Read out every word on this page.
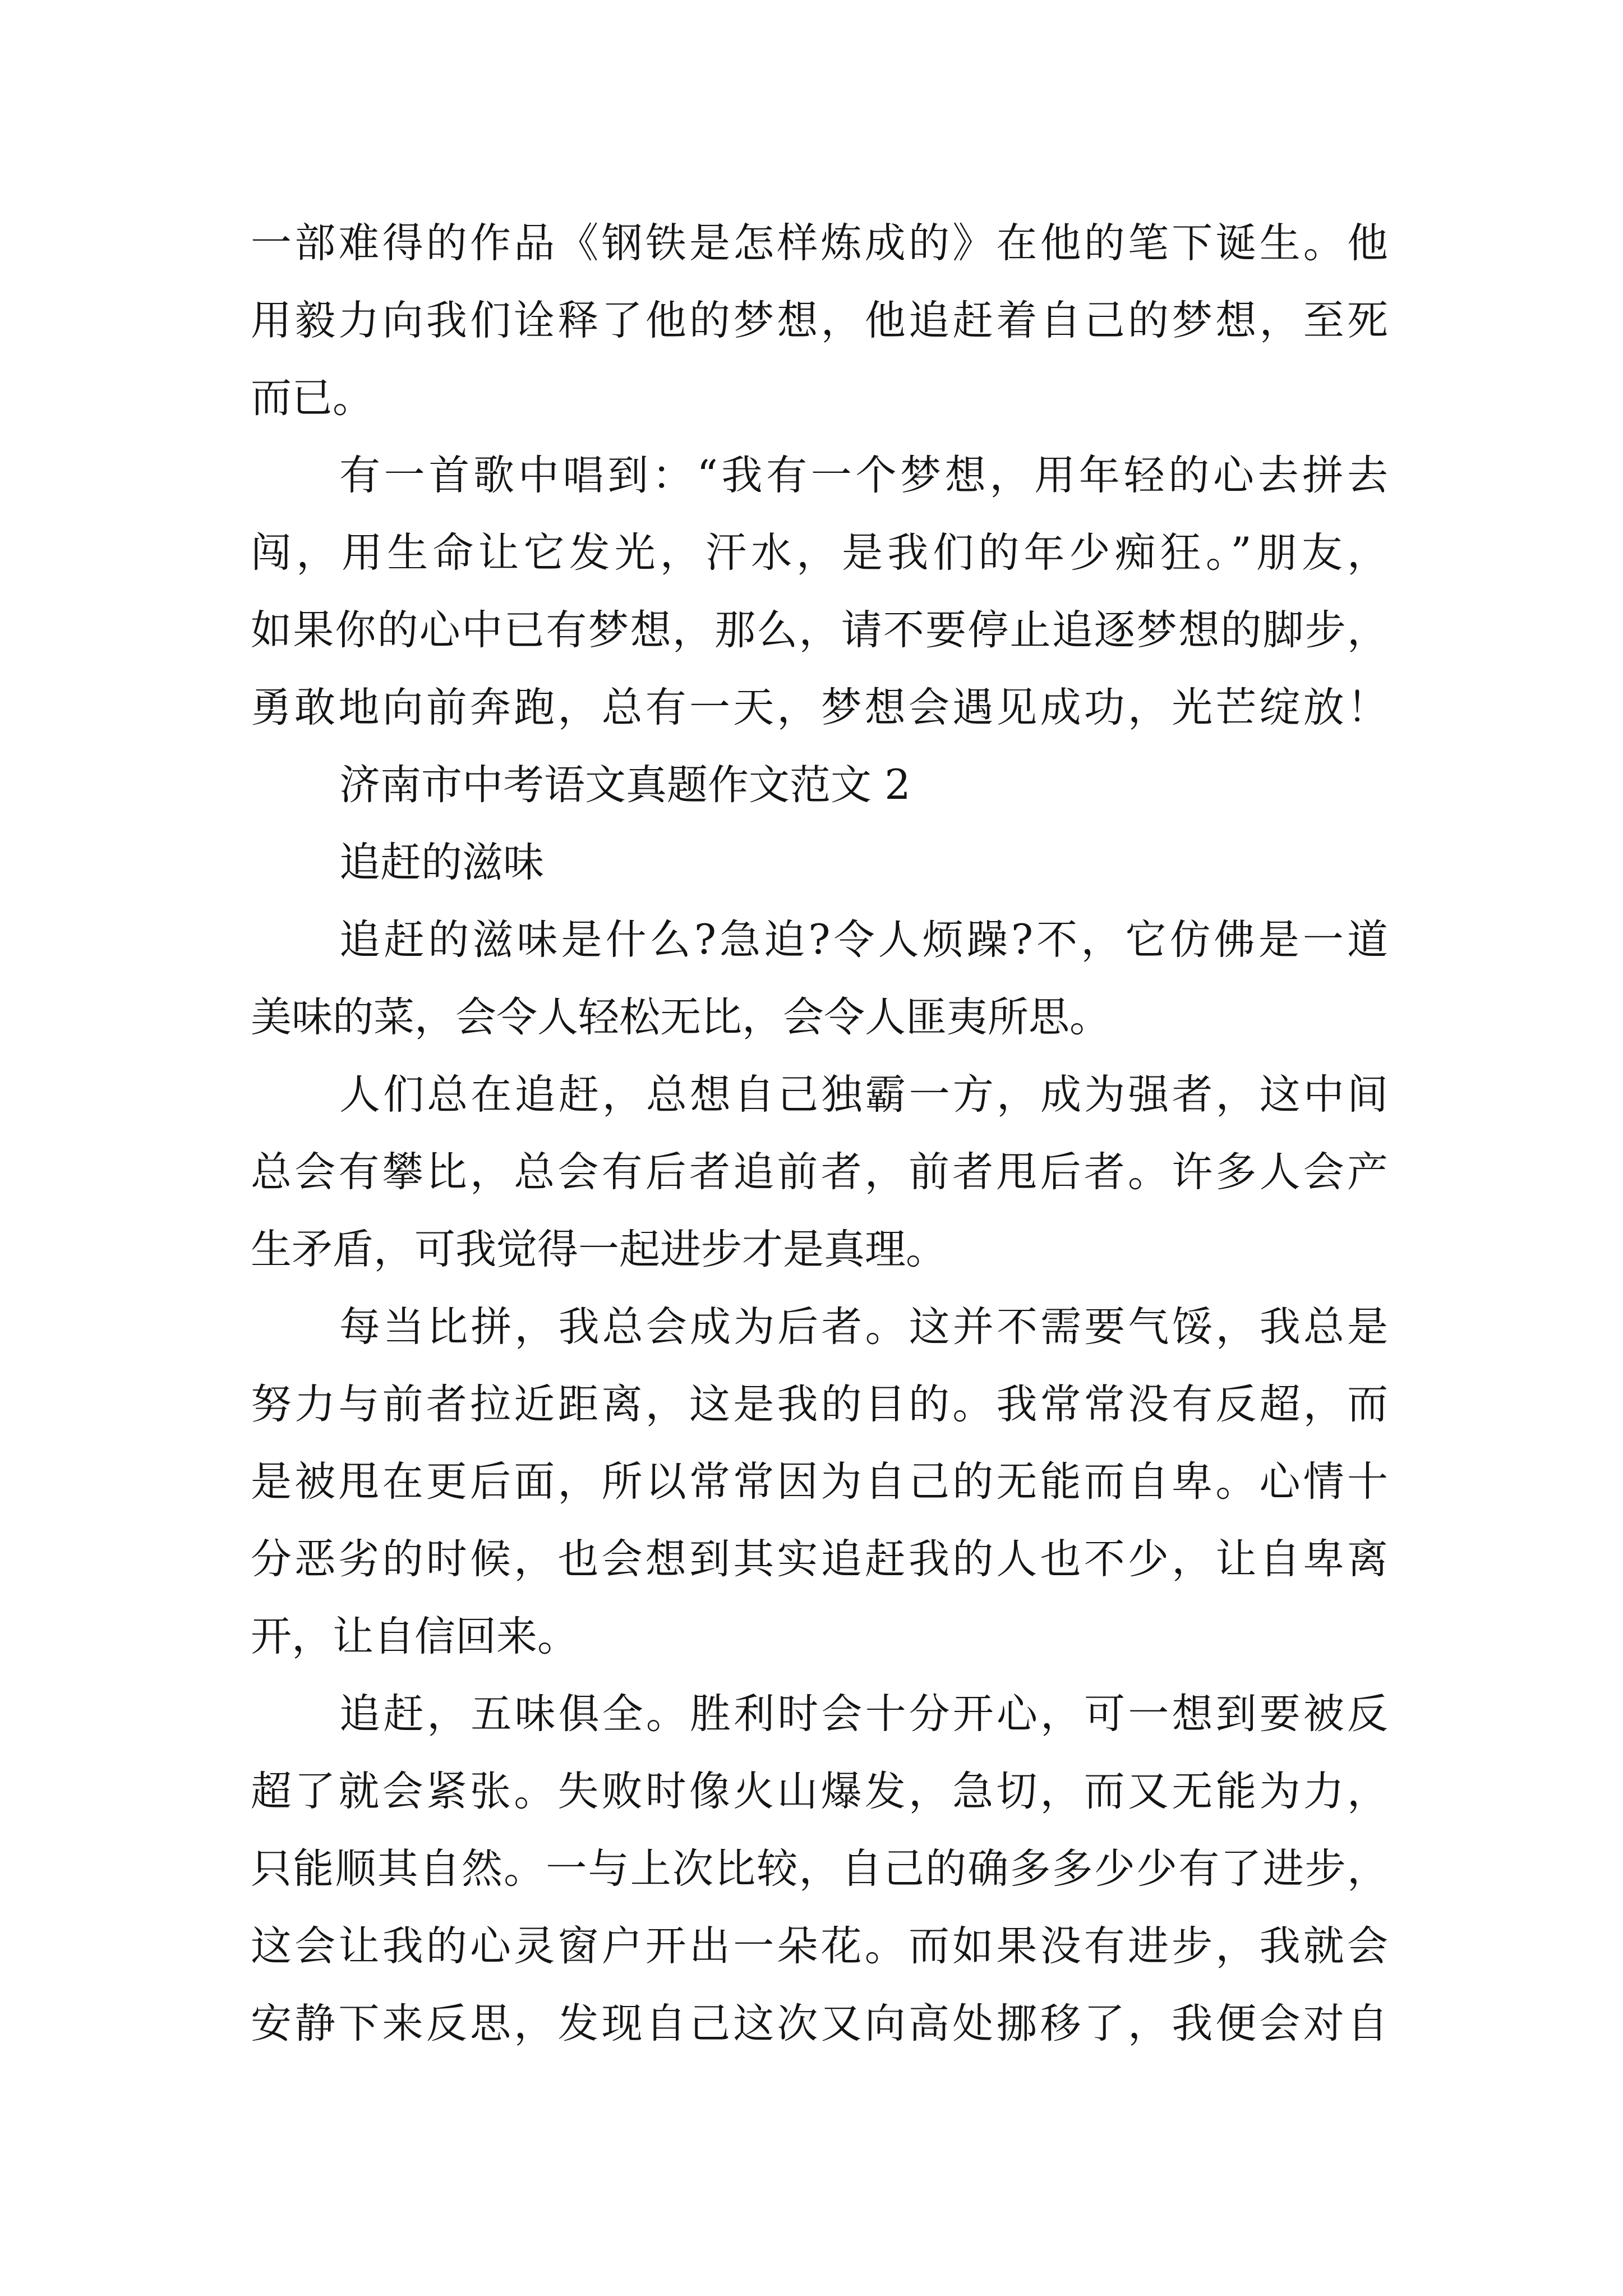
一部难得的作品《钢铁是怎样炼成的》在他的笔下诞生。他
用毅力向我们诠释了他的梦想，他追赶着自己的梦想，至死
而已。
有一首歌中唱到：“我有一个梦想，用年轻的心去拼去
闯，用生命让它发光，汗水，是我们的年少痴狂。”朋友，
如果你的心中已有梦想，那么，请不要停止追逐梦想的脚步，
勇敢地向前奔跑，总有一天，梦想会遇见成功，光芒绽放！
济南市中考语文真题作文范文 2
追赶的滋味
追赶的滋味是什么?急迫?令人烦躁?不，它仿佛是一道
美味的菜，会令人轻松无比，会令人匪夷所思。
人们总在追赶，总想自己独霸一方，成为强者，这中间
总会有攀比，总会有后者追前者，前者甩后者。许多人会产
生矛盾，可我觉得一起进步才是真理。
每当比拼，我总会成为后者。这并不需要气馁，我总是
努力与前者拉近距离，这是我的目的。我常常没有反超，而
是被甩在更后面，所以常常因为自己的无能而自卑。心情十
分恶劣的时候，也会想到其实追赶我的人也不少，让自卑离
开，让自信回来。
追赶，五味俱全。胜利时会十分开心，可一想到要被反
超了就会紧张。失败时像火山爆发，急切，而又无能为力，
只能顺其自然。一与上次比较，自己的确多多少少有了进步，
这会让我的心灵窗户开出一朵花。而如果没有进步，我就会
安静下来反思，发现自己这次又向高处挪移了，我便会对自
